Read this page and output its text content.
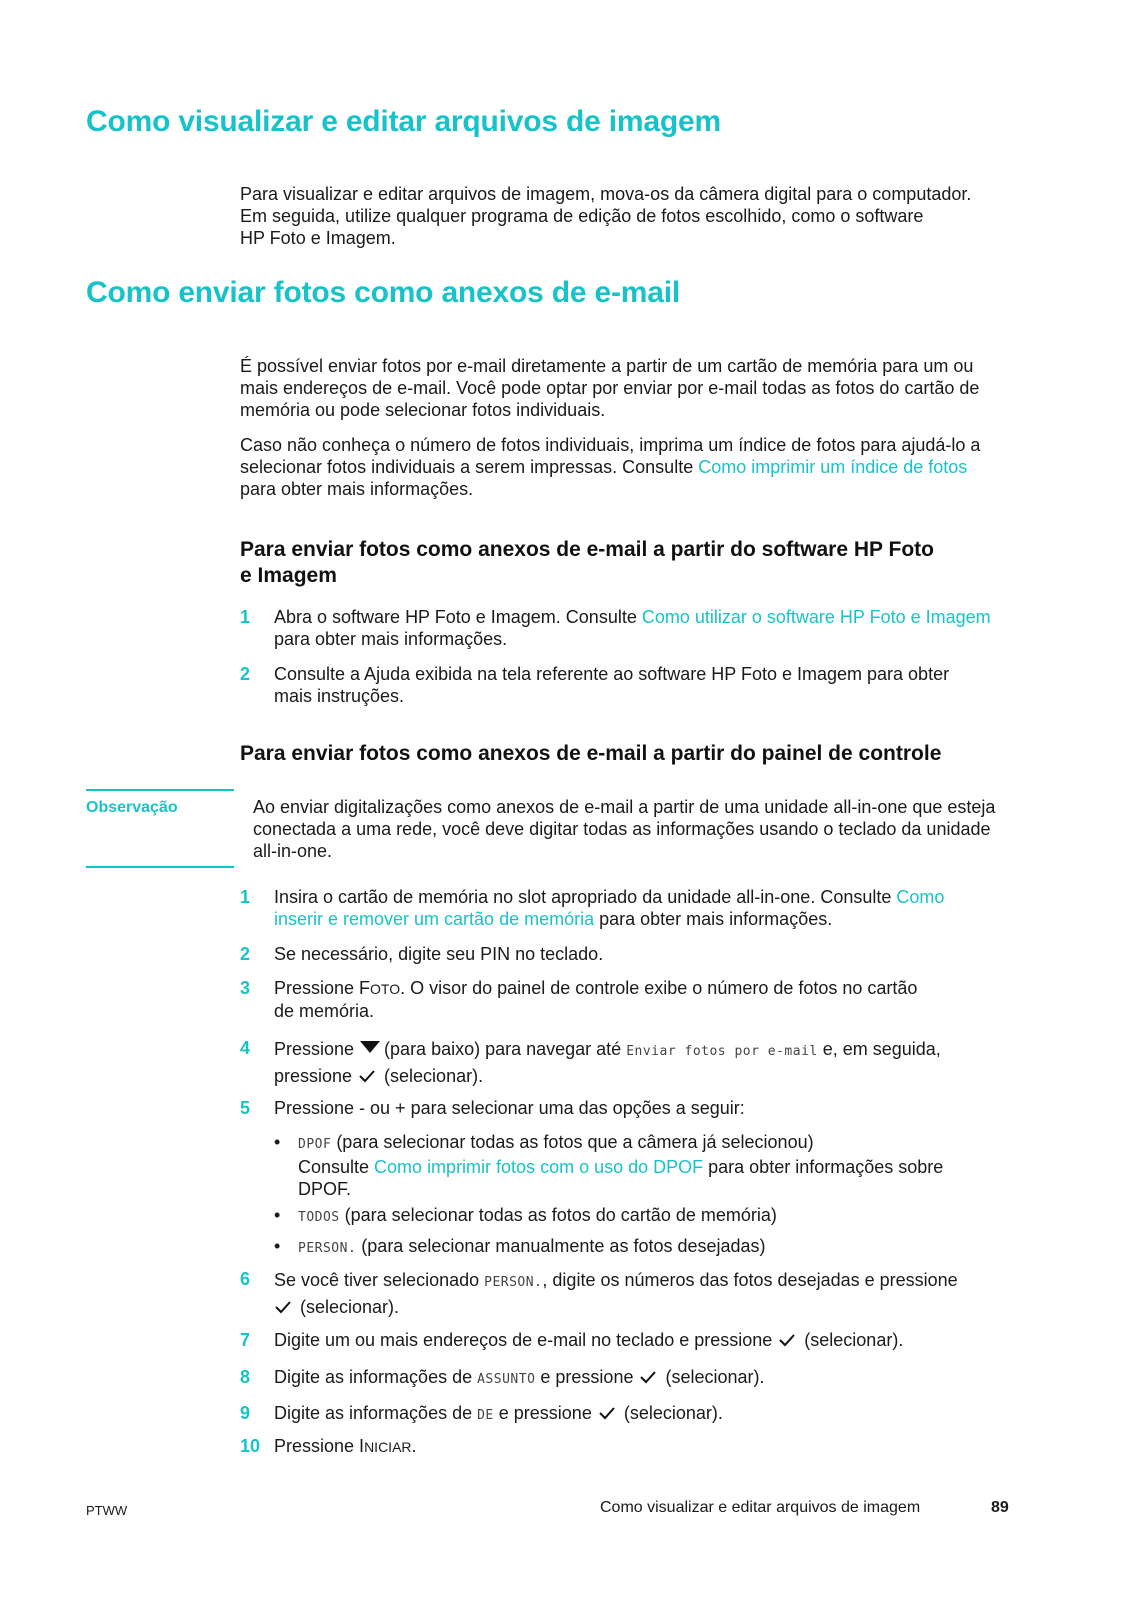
Como visualizar e editar arquivos de imagem
Para visualizar e editar arquivos de imagem, mova-os da câmera digital para o computador.
Em seguida, utilize qualquer programa de edição de fotos escolhido, como o software
HP Foto e Imagem.
Como enviar fotos como anexos de e-mail
É possível enviar fotos por e-mail diretamente a partir de um cartão de memória para um ou
mais endereços de e-mail. Você pode optar por enviar por e-mail todas as fotos do cartão de
memória ou pode selecionar fotos individuais.
Caso não conheça o número de fotos individuais, imprima um índice de fotos para ajudá-lo a
selecionar fotos individuais a serem impressas. Consulte Como imprimir um índice de fotos
para obter mais informações.
Para enviar fotos como anexos de e-mail a partir do software HP Foto
e Imagem
1 Abra o software HP Foto e Imagem. Consulte Como utilizar o software HP Foto e Imagem
para obter mais informações.
2 Consulte a Ajuda exibida na tela referente ao software HP Foto e Imagem para obter
mais instruções.
Para enviar fotos como anexos de e-mail a partir do painel de controle
Observação	Ao enviar digitalizações como anexos de e-mail a partir de uma unidade all-in-one que esteja
conectada a uma rede, você deve digitar todas as informações usando o teclado da unidade
all-in-one.
1 Insira o cartão de memória no slot apropriado da unidade all-in-one. Consulte Como
inserir e remover um cartão de memória para obter mais informações.
2 Se necessário, digite seu PIN no teclado.
3 Pressione FOTO. O visor do painel de controle exibe o número de fotos no cartão
de memória.
4 Pressione (para baixo) para navegar até Enviar fotos por e-mail e, em seguida,
pressione (selecionar).
5 Pressione - ou + para selecionar uma das opções a seguir:
• DPOF (para selecionar todas as fotos que a câmera já selecionou)
Consulte Como imprimir fotos com o uso do DPOF para obter informações sobre
DPOF.
• TODOS (para selecionar todas as fotos do cartão de memória)
• PERSON. (para selecionar manualmente as fotos desejadas)
6 Se você tiver selecionado PERSON., digite os números das fotos desejadas e pressione
(selecionar).
7 Digite um ou mais endereços de e-mail no teclado e pressione (selecionar).
8 Digite as informações de ASSUNTO e pressione (selecionar).
9 Digite as informações de DE e pressione (selecionar).
10 Pressione INICIAR.
PTWW	Como visualizar e editar arquivos de imagem	89
